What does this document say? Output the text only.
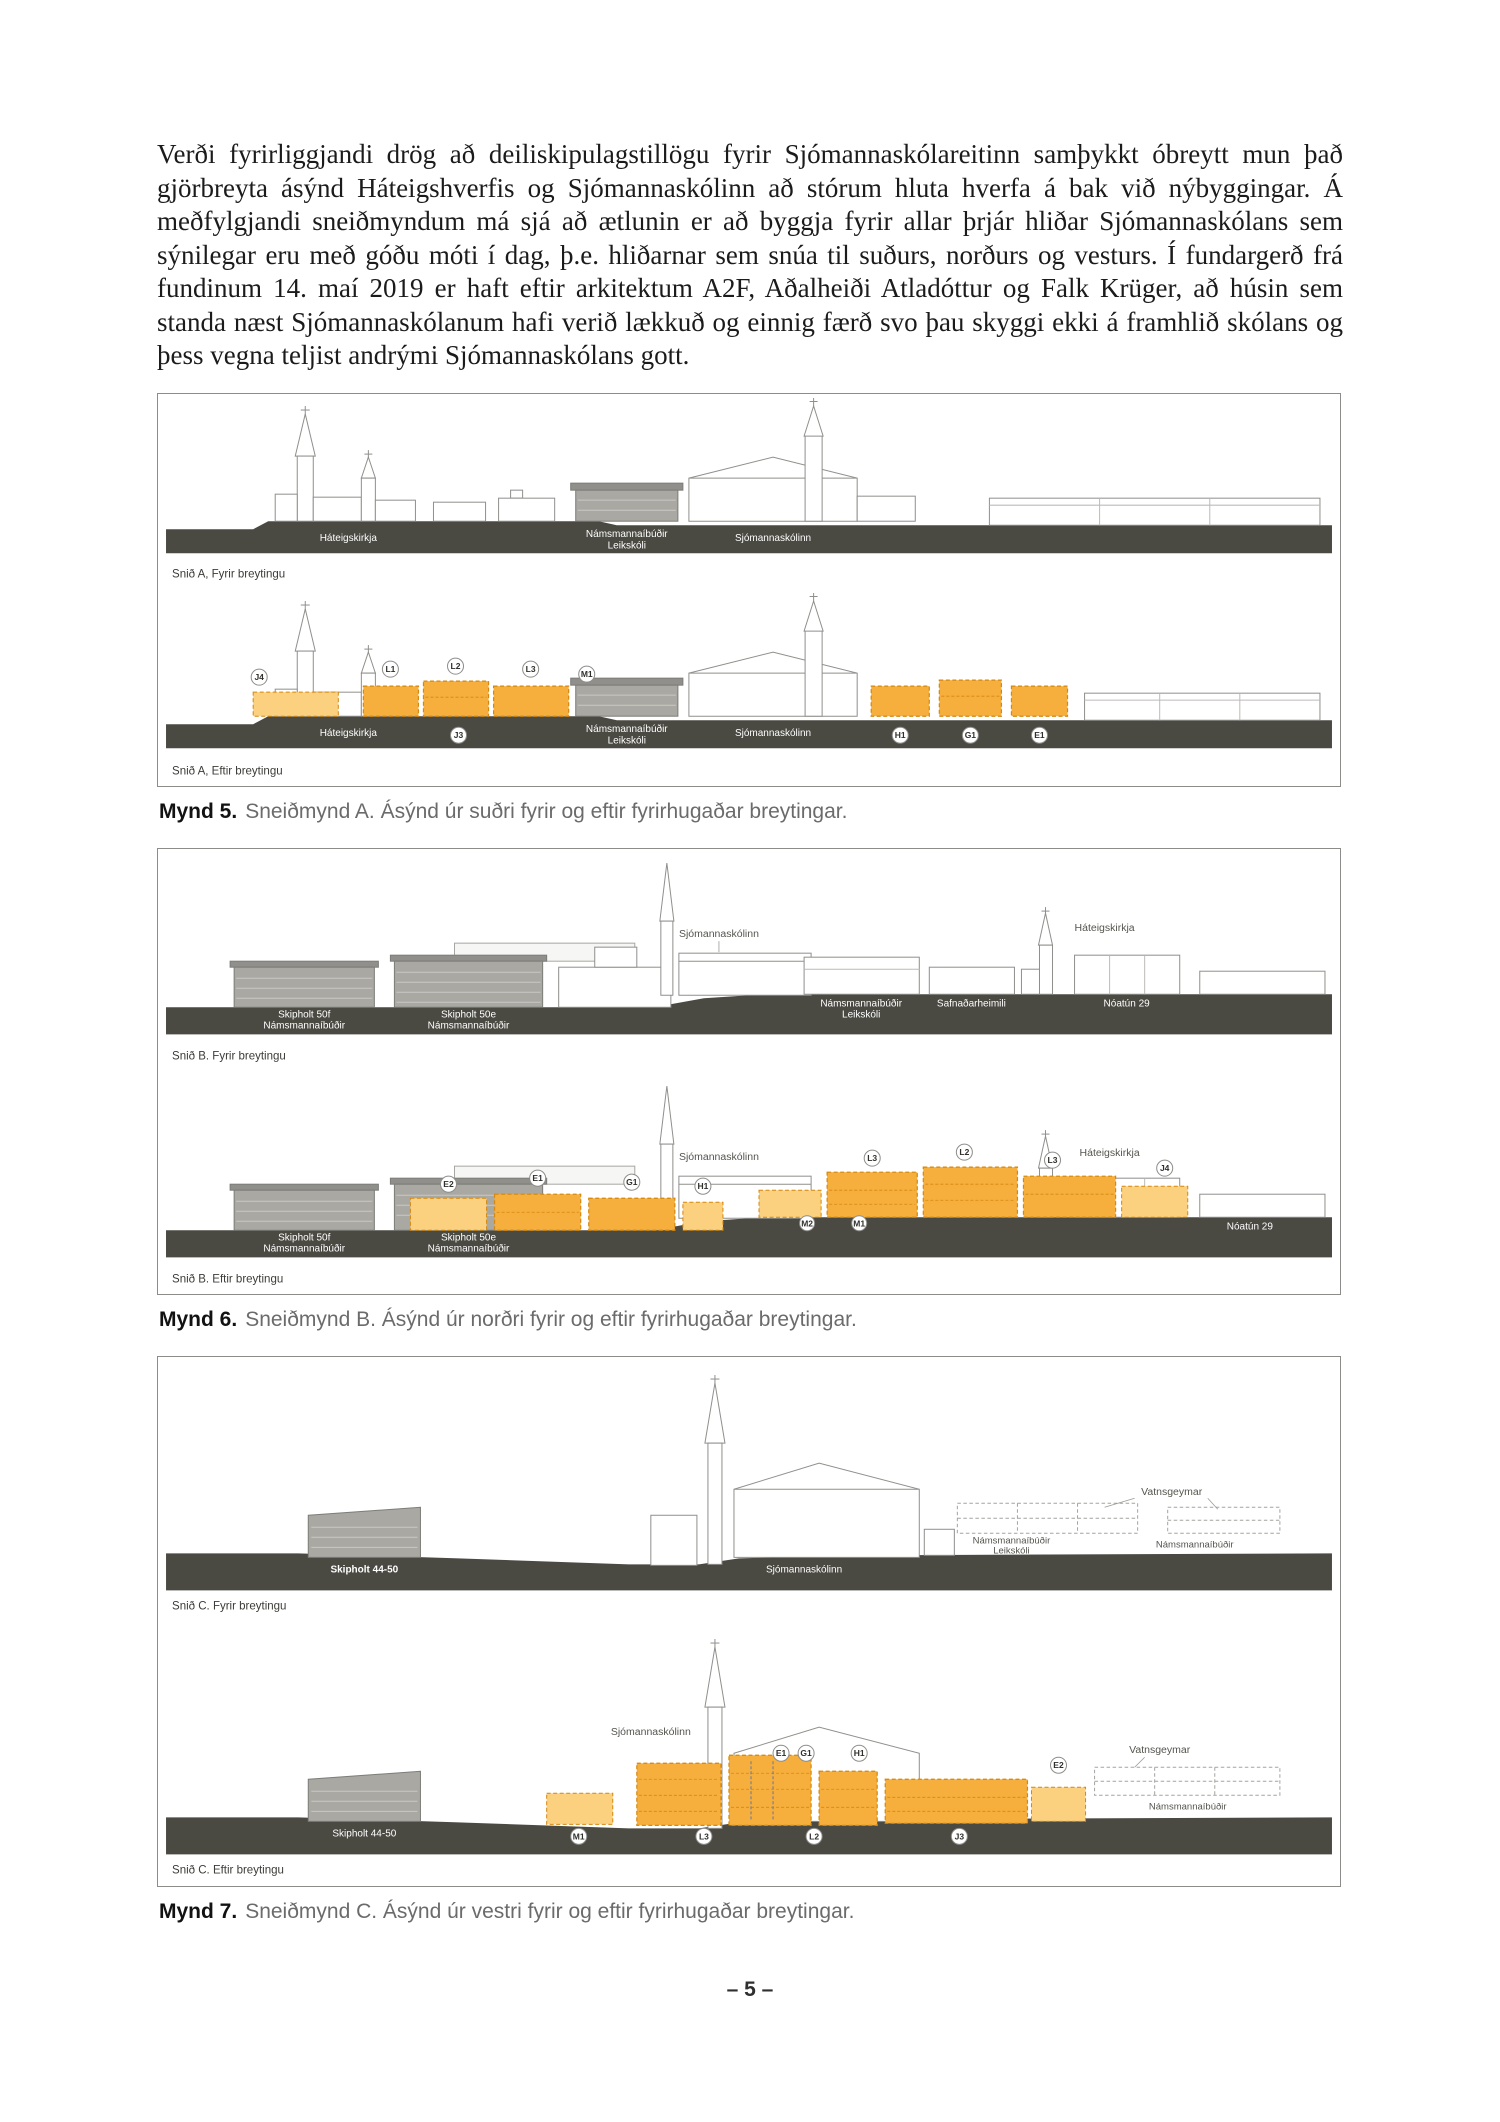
Verði fyrirliggjandi drög að deiliskipulagstillögu fyrir Sjómannaskólareitinn samþykkt óbreytt mun það gjörbreyta ásýnd Háteigshverfis og Sjómannaskólinn að stórum hluta hverfa á bak við nýbyggingar. Á meðfylgjandi sneiðmyndum má sjá að ætlunin er að byggja fyrir allar þrjár hliðar Sjómannaskólans sem sýnilegar eru með góðu móti í dag, þ.e. hliðarnar sem snúa til suðurs, norðurs og vesturs. Í fundargerð frá fundinum 14. maí 2019 er haft eftir arkitektum A2F, Aðalheiði Atladóttur og Falk Krüger, að húsin sem standa næst Sjómannaskólanum hafi verið lækkuð og einnig færð svo þau skyggi ekki á framhlið skólans og þess vegna teljist andrými Sjómannaskólans gott.

Háteigskirkja	Námsmannaíbúðir
Leikskóli
Sjómannaskólinn
Snið A, Fyrir breytingu
J4
L1	L2	L3
M1
J3	H1	G1	E1
Háteigskirkja	Námsmannaíbúðir
Leikskóli
Sjómannaskólinn
Snið A, Eftir breytingu
Mynd 5. Sneiðmynd A. Ásýnd úr suðri fyrir og eftir fyrirhugaðar breytingar.
Sjómannaskólinn
Háteigskirkja
Skipholt 50f
Námsmannaíbúðir
Skipholt 50e
Námsmannaíbúðir
Námsmannaíbúðir
Leikskóli
Safnaðarheimili	Nóatún 29
Snið B. Fyrir breytingu
E2
E1	G1	H1
L3
L2
L3
J4
M2	M1
Sjómannaskólinn	Háteigskirkja
Skipholt 50f
Námsmannaíbúðir
Skipholt 50e
Námsmannaíbúðir
Nóatún 29
Snið B. Eftir breytingu
Mynd 6. Sneiðmynd B. Ásýnd úr norðri fyrir og eftir fyrirhugaðar breytingar.
Vatnsgeymar
Námsmannaíbúðir
Leikskóli
Námsmannaíbúðir
Skipholt 44-50	Sjómannaskólinn
Snið C. Fyrir breytingu
E1 G1	H1
E2
M1	L3	L2	J3
Sjómannaskólinn
Vatnsgeymar
Námsmannaíbúðir
Skipholt 44-50
Snið C. Eftir breytingu
Mynd 7. Sneiðmynd C. Ásýnd úr vestri fyrir og eftir fyrirhugaðar breytingar.
– 5 –
